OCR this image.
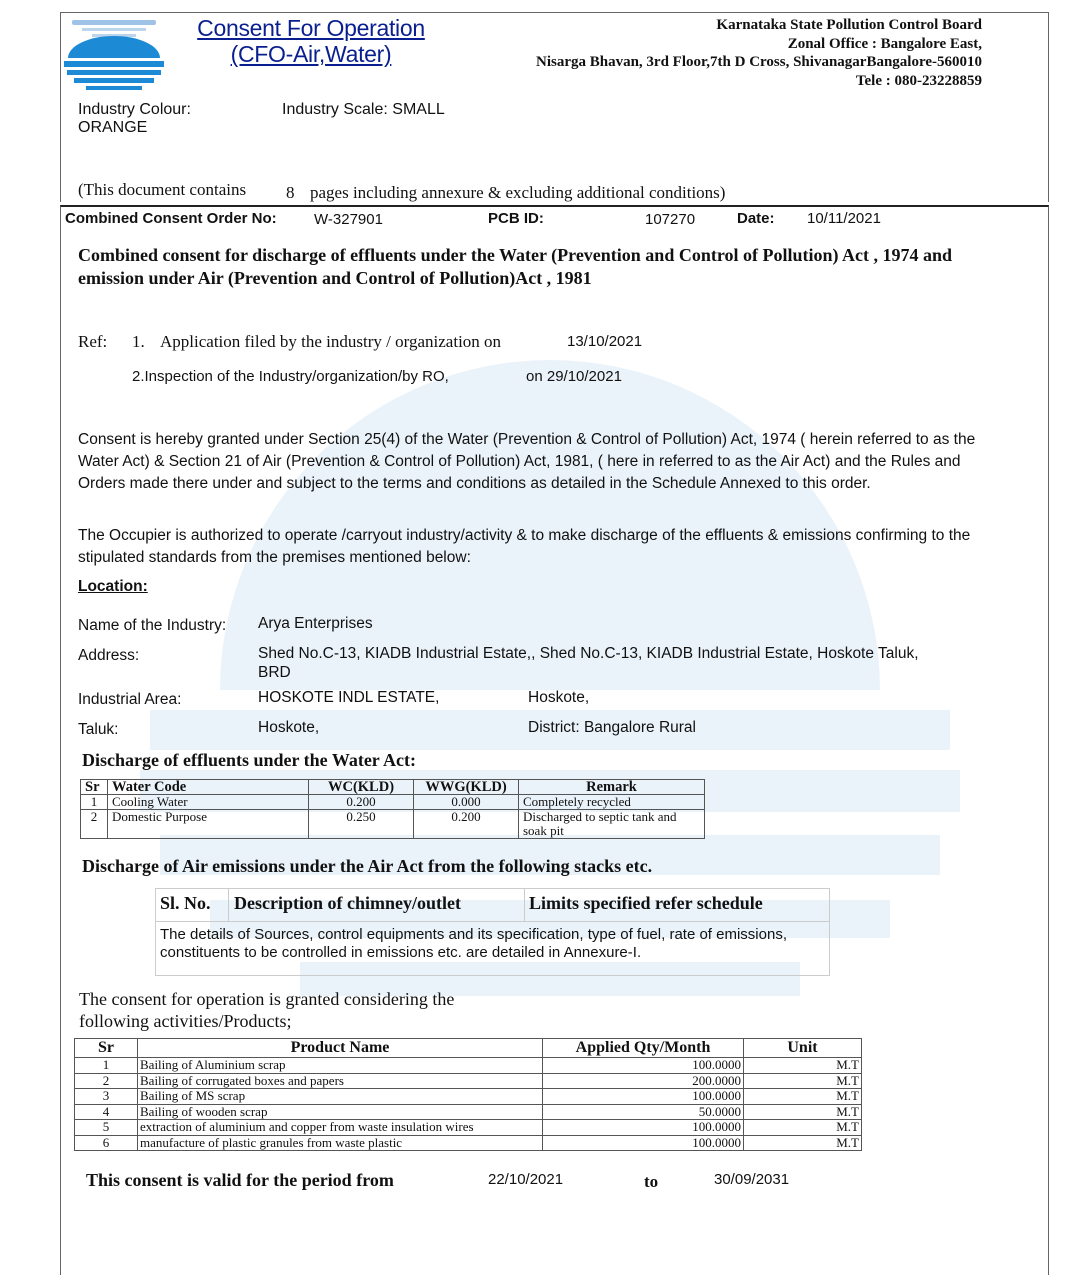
Consent For Operation
(CFO-Air,Water)
Karnataka State Pollution Control Board
Zonal Office : Bangalore East,
Nisarga Bhavan, 3rd Floor,7th D Cross, ShivanagarBangalore-560010
Tele : 080-23228859
Industry Colour:
ORANGE
Industry Scale: SMALL
(This document contains 8 pages including annexure & excluding additional conditions)
Combined Consent Order No: W-327901	PCB ID:	107270	Date: 10/11/2021
Combined consent for discharge of effluents under the Water (Prevention and Control of Pollution) Act , 1974 and emission under Air (Prevention and Control of Pollution)Act , 1981
Ref: 1. Application filed by the industry / organization on	13/10/2021
2.Inspection of the Industry/organization/by RO,	on 29/10/2021
Consent is hereby granted under Section 25(4) of the Water (Prevention & Control of Pollution) Act, 1974 ( herein referred to as the Water Act) & Section 21 of Air (Prevention & Control of Pollution) Act, 1981, ( here in referred to as the Air Act) and the Rules and Orders made there under and subject to the terms and conditions as detailed in the Schedule Annexed to this order.
The Occupier is authorized to operate /carryout industry/activity & to make discharge of the effluents & emissions confirming to the stipulated standards from the premises mentioned below:
Location:
Name of the Industry: Arya Enterprises
Address:	Shed No.C-13, KIADB Industrial Estate,, Shed No.C-13, KIADB Industrial Estate, Hoskote Taluk, BRD
Industrial Area:	HOSKOTE INDL ESTATE,	Hoskote,
Taluk:	Hoskote,	District: Bangalore Rural
Discharge of effluents under the Water Act:
Sr	Water Code	WC(KLD)	WWG(KLD)	Remark
1	Cooling Water	0.200	0.000	Completely recycled
2	Domestic Purpose	0.250	0.200	Discharged to septic tank and soak pit
Discharge of Air emissions under the Air Act from the following stacks etc.
Sl. No. Description of chimney/outlet	Limits specified refer schedule
The details of Sources, control equipments and its specification, type of fuel, rate of emissions, constituents to be controlled in emissions etc. are detailed in Annexure-I.
The consent for operation is granted considering the following activities/Products;
Sr	Product Name	Applied Qty/Month	Unit
1	Bailing of Aluminium scrap	100.0000	M.T
2	Bailing of corrugated boxes and papers	200.0000	M.T
3	Bailing of MS scrap	100.0000	M.T
4	Bailing of wooden scrap	50.0000	M.T
5	extraction of aluminium and copper from waste insulation wires	100.0000	M.T
6	manufacture of plastic granules from waste plastic	100.0000	M.T
This consent is valid for the period from	22/10/2021	to	30/09/2031
